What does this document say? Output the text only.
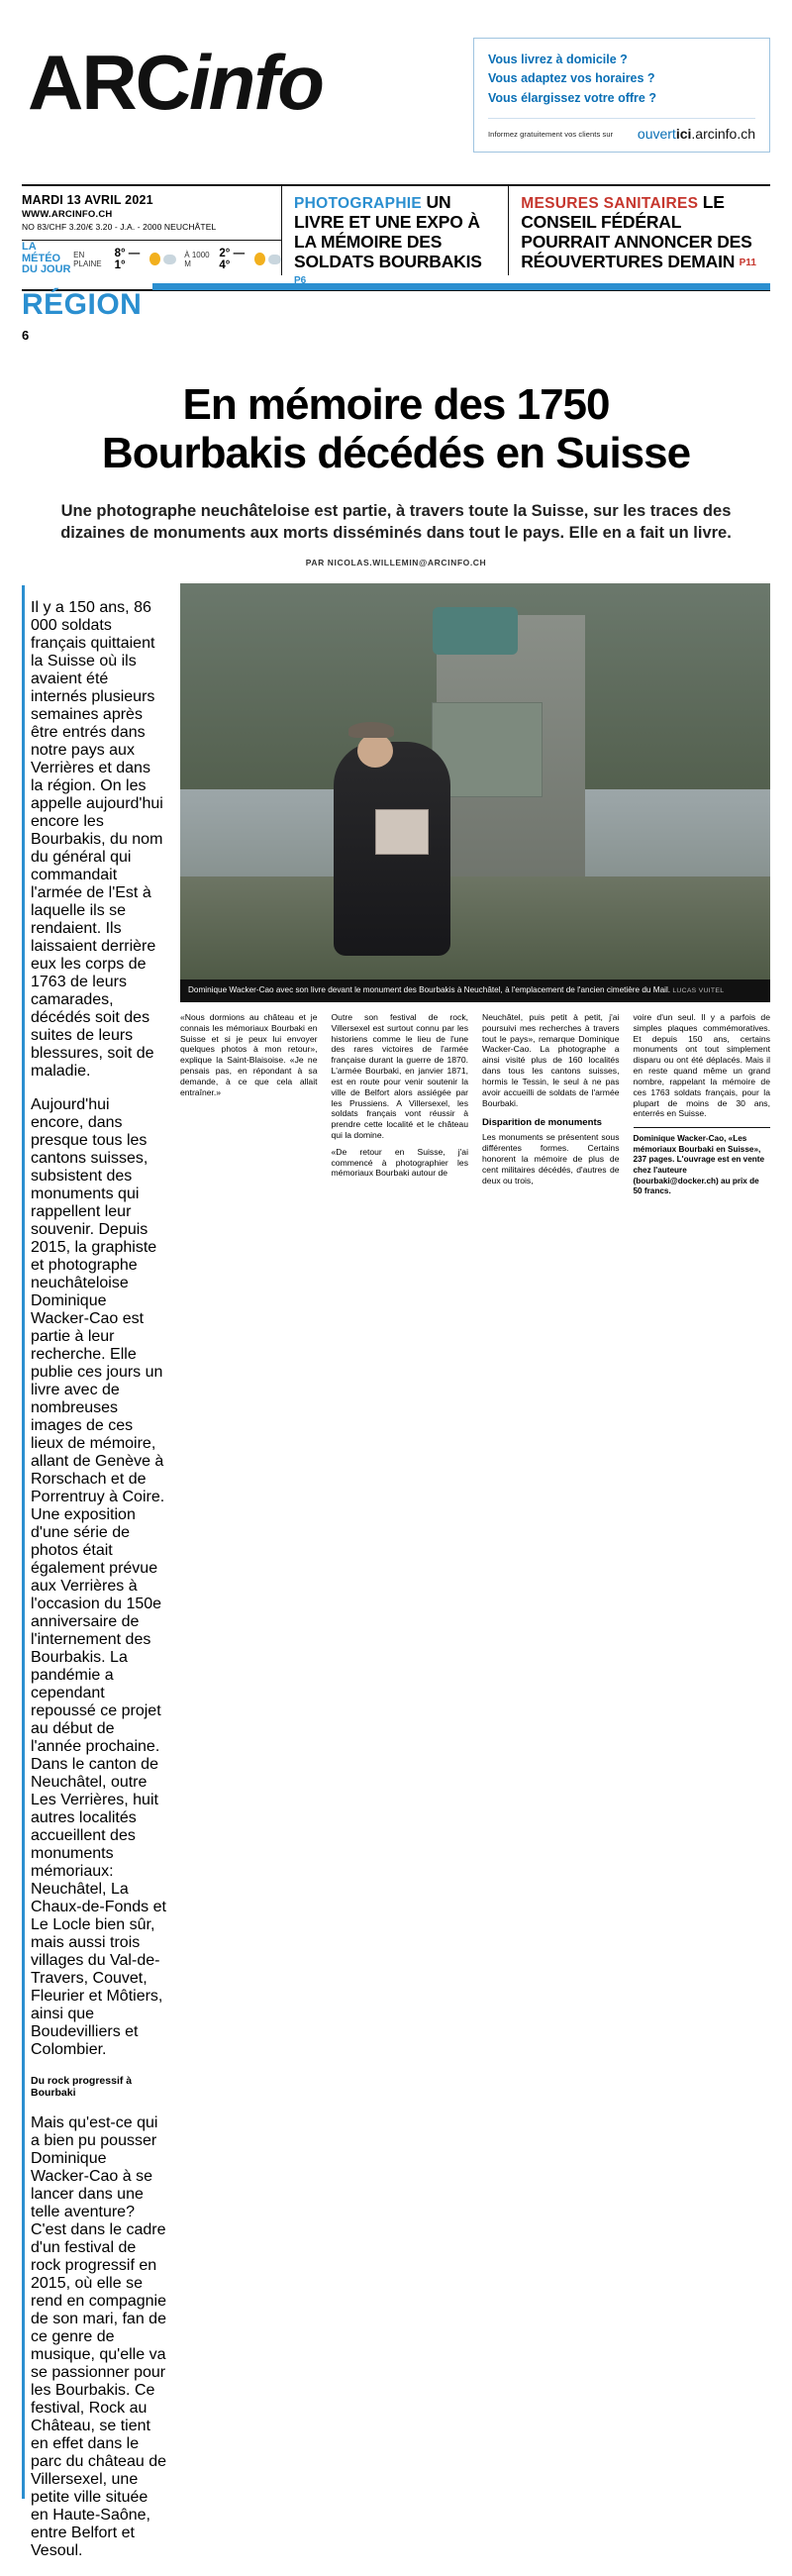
ARCinfo	Vous livrez à domicile ?
Vous adaptez vos horaires ?
Vous élargissez votre offre ?
Informez gratuitement vos clients sur ouvertici.arcinfo.ch
MARDI 13 AVRIL 2021
WWW.ARCINFO.CH
NO 83/CHF 3.20/€ 3.20 - J.A. - 2000 NEUCHÂTEL
LA MÉTÉO
DU JOUR
EN PLAINE
8° — 1°
À 1000 M
2° — 4°
PHOTOGRAPHIE UN LIVRE ET UNE EXPO À LA MÉMOIRE DES SOLDATS BOURBAKIS P6
MESURES SANITAIRES LE CONSEIL FÉDÉRAL POURRAIT ANNONCER DES RÉOUVERTURES DEMAIN P11
RÉGION
6
En mémoire des 1750
Bourbakis décédés en Suisse
Une photographe neuchâteloise est partie, à travers toute la Suisse, sur les traces des dizaines de monuments aux morts disséminés dans tout le pays. Elle en a fait un livre.
PAR NICOLAS.WILLEMIN@ARCINFO.CH

Il y a 150 ans, 86 000 soldats français quittaient la Suisse où ils avaient été internés plusieurs semaines après être entrés dans notre pays aux Verrières et dans la région. On les appelle aujourd'hui encore les Bourbakis, du nom du général qui commandait l'armée de l'Est à laquelle ils se rendaient. Ils laissaient derrière eux les corps de 1763 de leurs camarades, décédés soit des suites de leurs blessures, soit de maladie.

Aujourd'hui encore, dans presque tous les cantons suisses, subsistent des monuments qui rappellent leur souvenir. Depuis 2015, la graphiste et photographe neuchâteloise Dominique Wacker-Cao est partie à leur recherche. Elle publie ces jours un livre avec de nombreuses images de ces lieux de mémoire, allant de Genève à Rorschach et de Porrentruy à Coire. Une exposition d'une série de photos était également prévue aux Verrières à l'occasion du 150e anniversaire de l'internement des Bourbakis. La pandémie a cependant repoussé ce projet au début de l'année prochaine. Dans le canton de Neuchâtel, outre Les Verrières, huit autres localités accueillent des monuments mémoriaux: Neuchâtel, La Chaux-de-Fonds et Le Locle bien sûr, mais aussi trois villages du Val-de-Travers, Couvet, Fleurier et Môtiers, ainsi que Boudevilliers et Colombier.

Du rock progressif à Bourbaki

Mais qu'est-ce qui a bien pu pousser Dominique Wacker-Cao à se lancer dans une telle aventure? C'est dans le cadre d'un festival de rock progressif en 2015, où elle se rend en compagnie de son mari, fan de ce genre de musique, qu'elle va se passionner pour les Bourbakis. Ce festival, Rock au Château, se tient en effet dans le parc du château de Villersexel, une petite ville située en Haute-Saône, entre Belfort et Vesoul.

Dominique Wacker-Cao avec son livre devant le monument des Bourbakis à Neuchâtel, à l'emplacement de l'ancien cimetière du Mail. LUCAS VUITEL

«Nous dormions au château et je connais les mémoriaux Bourbaki en Suisse et si je peux lui envoyer quelques photos à mon retour», explique la Saint-Blaisoise. «Je ne pensais pas, en répondant à sa demande, à ce que cela allait entraîner.»

Outre son festival de rock, Villersexel est surtout connu par les historiens comme le lieu de l'une des rares victoires de l'armée française durant la guerre de 1870. L'armée Bourbaki, en janvier 1871, est en route pour venir soutenir la ville de Belfort alors assiégée par les Prussiens. A Villersexel, les soldats français vont réussir à prendre cette localité et le château qui la domine.

«De retour en Suisse, j'ai commencé à photographier les mémoriaux Bourbaki autour de

Neuchâtel, puis petit à petit, j'ai poursuivi mes recherches à travers tout le pays», remarque Dominique Wacker-Cao. La photographe a ainsi visité plus de 160 localités dans tous les cantons suisses, hormis le Tessin, le seul à ne pas avoir accueilli de soldats de l'armée Bourbaki.

Disparition de monuments

Les monuments se présentent sous différentes formes. Certains honorent la mémoire de plus de cent militaires décédés, d'autres de deux ou trois,

voire d'un seul. Il y a parfois de simples plaques commémoratives. Et depuis 150 ans, certains monuments ont tout simplement disparu ou ont été déplacés. Mais il en reste quand même un grand nombre, rappelant la mémoire de ces 1763 soldats français, pour la plupart de moins de 30 ans, enterrés en Suisse.

Dominique Wacker-Cao, «Les mémoriaux Bourbaki en Suisse», 237 pages. L'ouvrage est en vente chez l'auteure (bourbaki@docker.ch) au prix de 50 francs.
